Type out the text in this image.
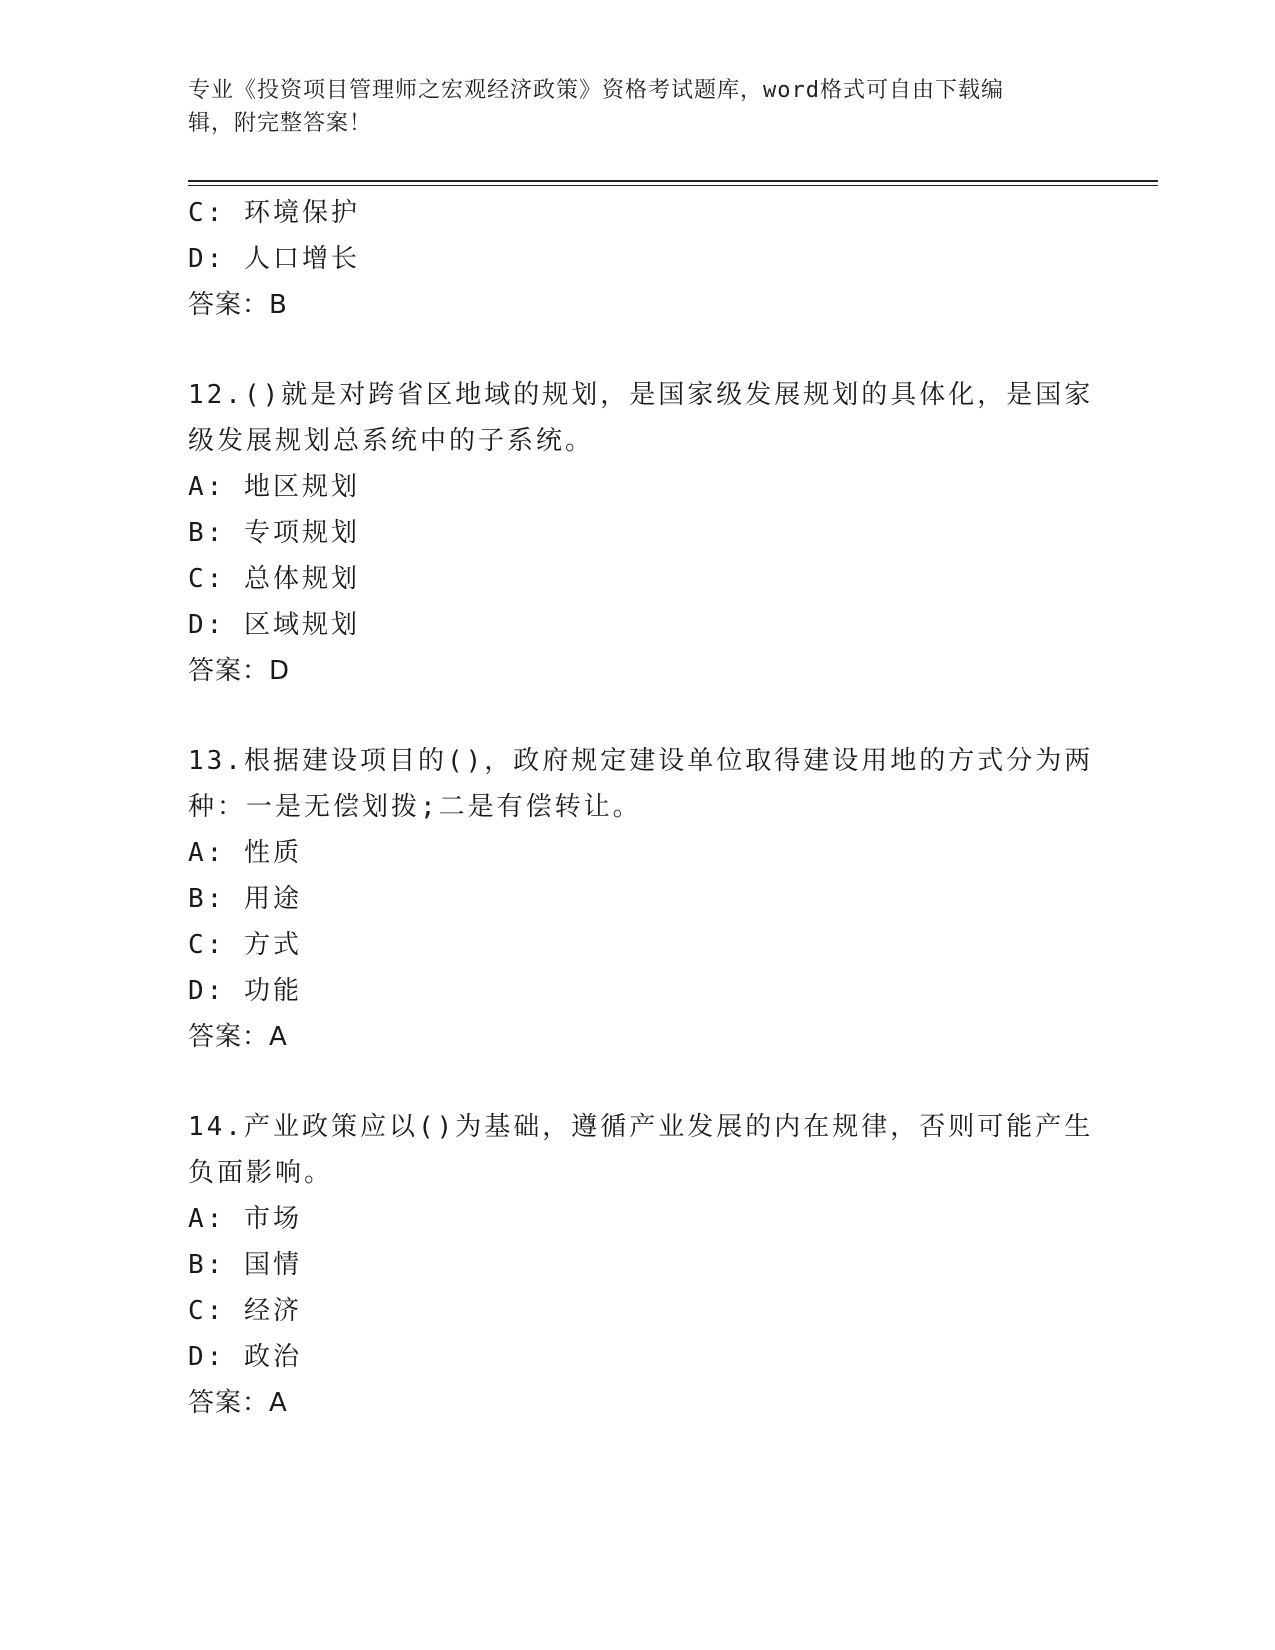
专业《投资项目管理师之宏观经济政策》资格考试题库，word格式可自由下载编
辑，附完整答案！
C: 环境保护
D: 人口增长
答案：B
12.()就是对跨省区地域的规划，是国家级发展规划的具体化，是国家
级发展规划总系统中的子系统。
A: 地区规划
B: 专项规划
C: 总体规划
D: 区域规划
答案：D
13.根据建设项目的()，政府规定建设单位取得建设用地的方式分为两
种：一是无偿划拨;二是有偿转让。
A: 性质
B: 用途
C: 方式
D: 功能
答案：A
14.产业政策应以()为基础，遵循产业发展的内在规律，否则可能产生
负面影响。
A: 市场
B: 国情
C: 经济
D: 政治
答案：A
